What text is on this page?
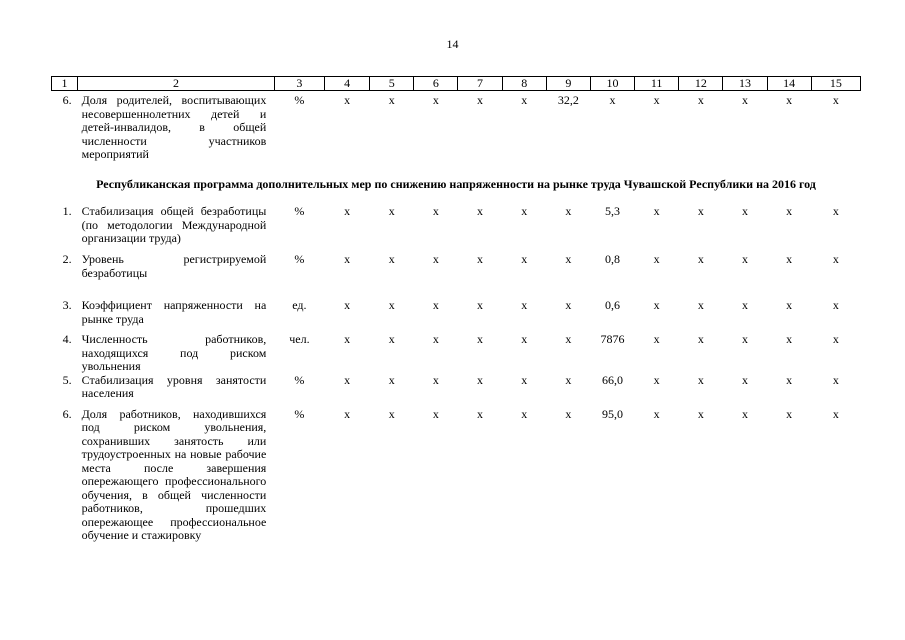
14
1	2	3	4	5	6	7	8	9	10	11	12	13	14	15
6.	Доля родителей, воспитывающих несовершеннолетних детей и детей-инвалидов, в общей численности участников мероприятий	%	х	х	х	х	х	32,2	х	х	х	х	х	х
Республиканская программа дополнительных мер по снижению напряженности на рынке труда Чувашской Республики на 2016 год														
1.	Стабилизация общей безработицы (по методологии Международной организации труда)	%	х	х	х	х	х	х	5,3	х	х	х	х	х
2.	Уровень регистрируемой безработицы	%	х	х	х	х	х	х	0,8	х	х	х	х	х
3.	Коэффициент напряженности на рынке труда	ед.	х	х	х	х	х	х	0,6	х	х	х	х	х
4.	Численность работников, находящихся под риском увольнения	чел.	х	х	х	х	х	х	7876	х	х	х	х	х
5.	Стабилизация уровня занятости населения	%	х	х	х	х	х	х	66,0	х	х	х	х	х
6.	Доля работников, находившихся под риском увольнения, сохранивших занятость или трудоустроенных на новые рабочие места после завершения опережающего профессионального обучения, в общей численности работников, прошедших опережающее профессиональное обучение и стажировку	%	х	х	х	х	х	х	95,0	х	х	х	х	х
